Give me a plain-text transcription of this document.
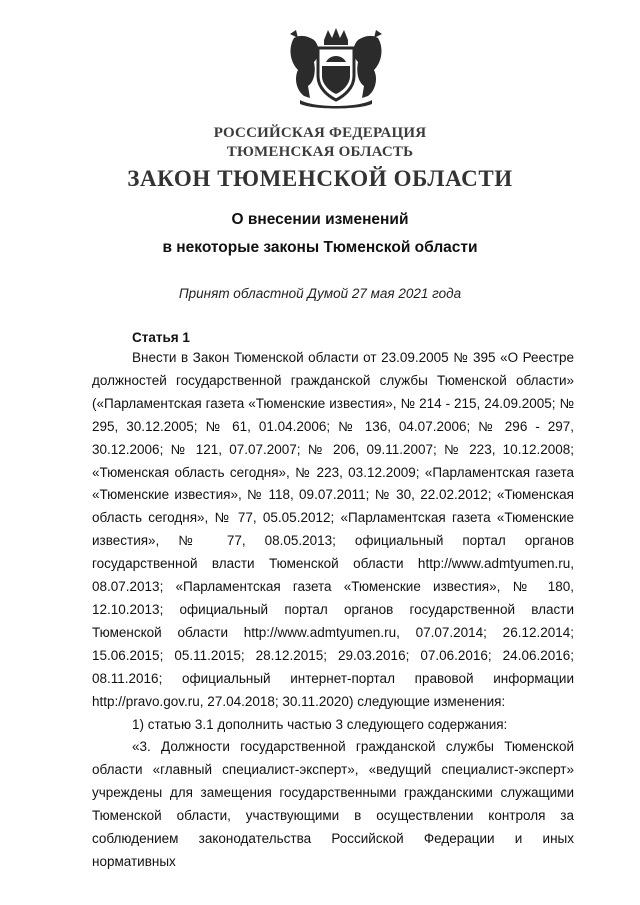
РОССИЙСКАЯ ФЕДЕРАЦИЯ
ТЮМЕНСКАЯ ОБЛАСТЬ
ЗАКОН ТЮМЕНСКОЙ ОБЛАСТИ
О внесении изменений
в некоторые законы Тюменской области
Принят областной Думой 27 мая 2021 года
Статья 1

Внести в Закон Тюменской области от 23.09.2005 № 395 «О Реестре должностей государственной гражданской службы Тюменской области» («Парламентская газета «Тюменские известия», № 214 - 215, 24.09.2005; № 295, 30.12.2005; № 61, 01.04.2006; № 136, 04.07.2006; № 296 - 297, 30.12.2006; № 121, 07.07.2007; № 206, 09.11.2007; № 223, 10.12.2008; «Тюменская область сегодня», № 223, 03.12.2009; «Парламентская газета «Тюменские известия», № 118, 09.07.2011; № 30, 22.02.2012; «Тюменская область сегодня», № 77, 05.05.2012; «Парламентская газета «Тюменские известия», № 77, 08.05.2013; официальный портал органов государственной власти Тюменской области http://www.admtyumen.ru, 08.07.2013; «Парламентская газета «Тюменские известия», № 180, 12.10.2013; официальный портал органов государственной власти Тюменской области http://www.admtyumen.ru, 07.07.2014; 26.12.2014; 15.06.2015; 05.11.2015; 28.12.2015; 29.03.2016; 07.06.2016; 24.06.2016; 08.11.2016; официальный интернет-портал правовой информации http://pravo.gov.ru, 27.04.2018; 30.11.2020) следующие изменения:

1) статью 3.1 дополнить частью 3 следующего содержания:

«3. Должности государственной гражданской службы Тюменской области «главный специалист-эксперт», «ведущий специалист-эксперт» учреждены для замещения государственными гражданскими служащими Тюменской области, участвующими в осуществлении контроля за соблюдением законодательства Российской Федерации и иных нормативных
